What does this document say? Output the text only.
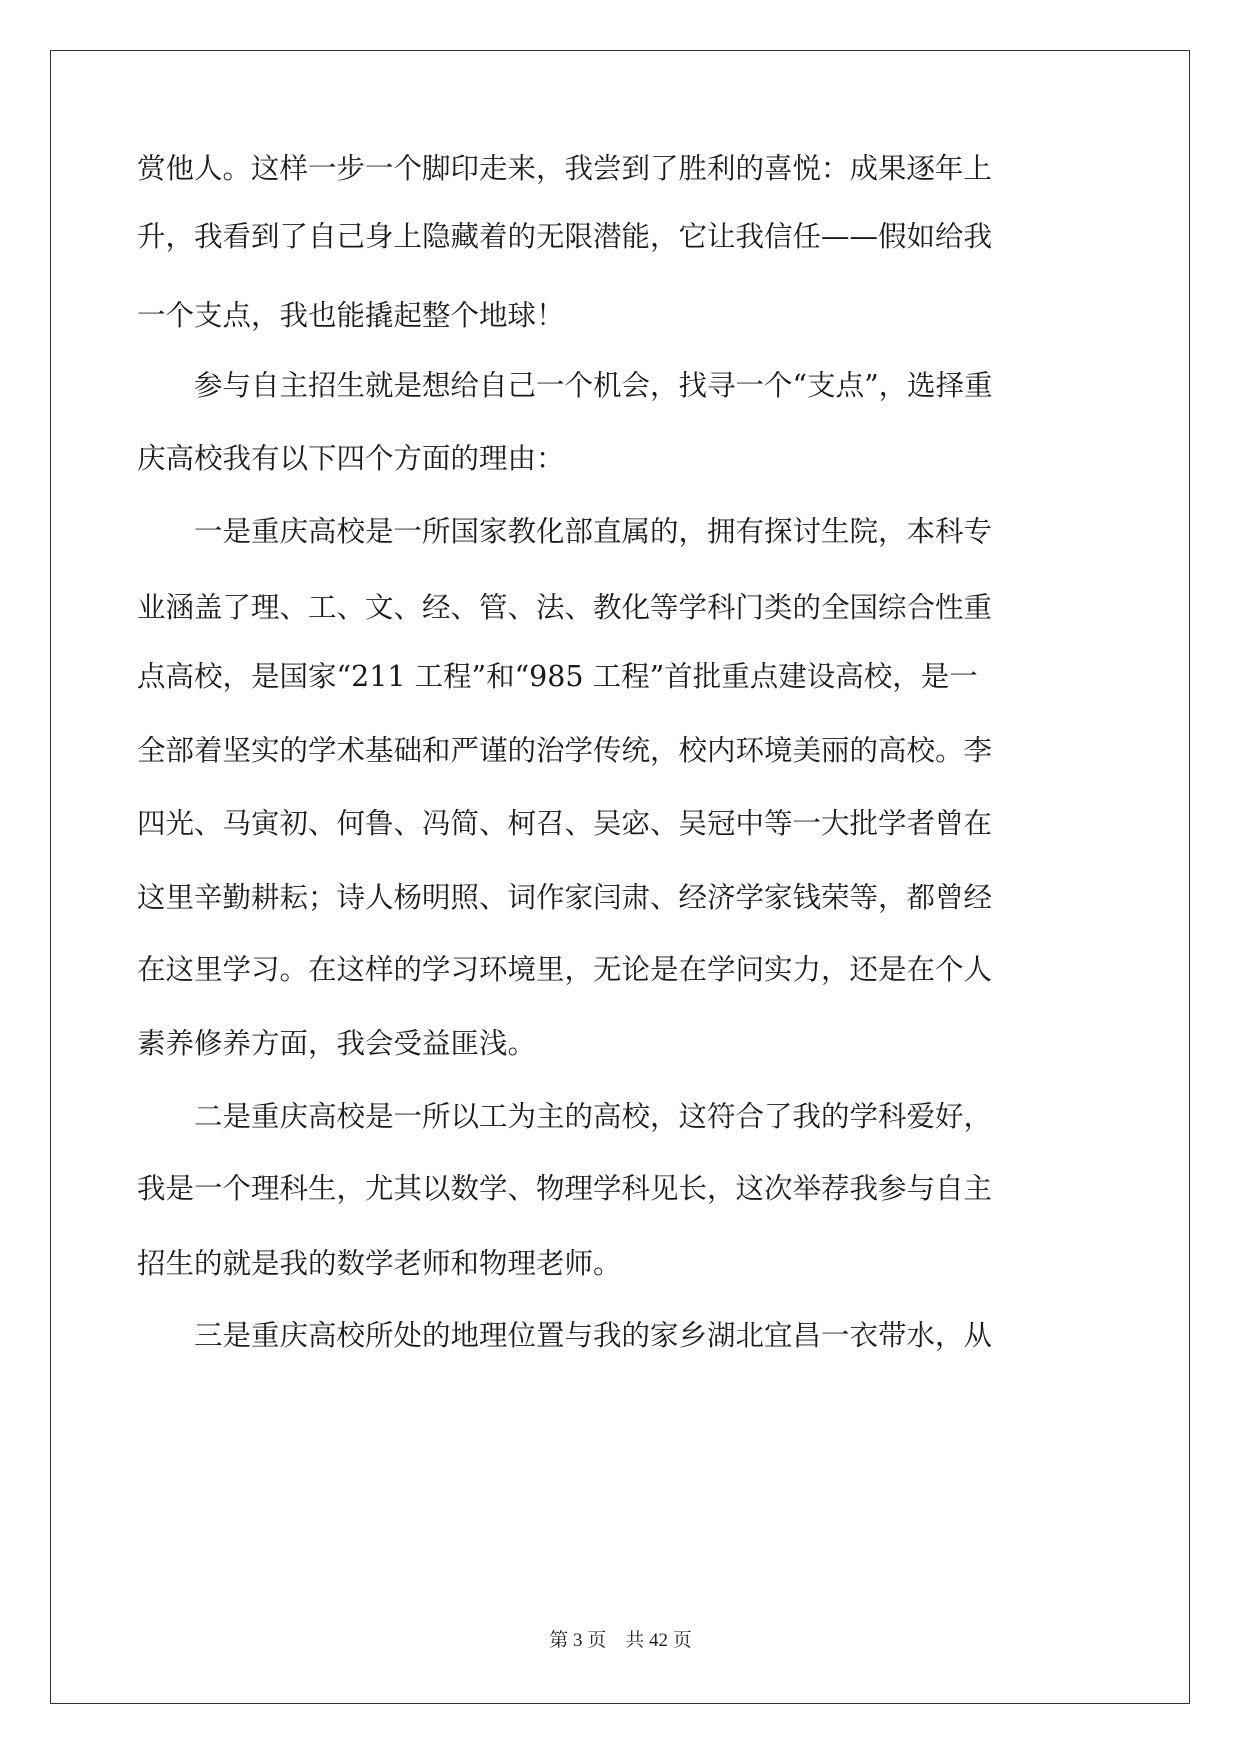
赏他人。这样一步一个脚印走来，我尝到了胜利的喜悦：成果逐年上
升，我看到了自己身上隐藏着的无限潜能，它让我信任——假如给我
一个支点，我也能撬起整个地球！
参与自主招生就是想给自己一个机会，找寻一个“支点”，选择重
庆高校我有以下四个方面的理由：
一是重庆高校是一所国家教化部直属的，拥有探讨生院，本科专
业涵盖了理、工、文、经、管、法、教化等学科门类的全国综合性重
点高校，是国家“211 工程”和“985 工程”首批重点建设高校，是一
全部着坚实的学术基础和严谨的治学传统，校内环境美丽的高校。李
四光、马寅初、何鲁、冯简、柯召、吴宓、吴冠中等一大批学者曾在
这里辛勤耕耘；诗人杨明照、词作家闫肃、经济学家钱荣等，都曾经
在这里学习。在这样的学习环境里，无论是在学问实力，还是在个人
素养修养方面，我会受益匪浅。
二是重庆高校是一所以工为主的高校，这符合了我的学科爱好，
我是一个理科生，尤其以数学、物理学科见长，这次举荐我参与自主
招生的就是我的数学老师和物理老师。
三是重庆高校所处的地理位置与我的家乡湖北宜昌一衣带水，从
第 3 页　共 42 页
